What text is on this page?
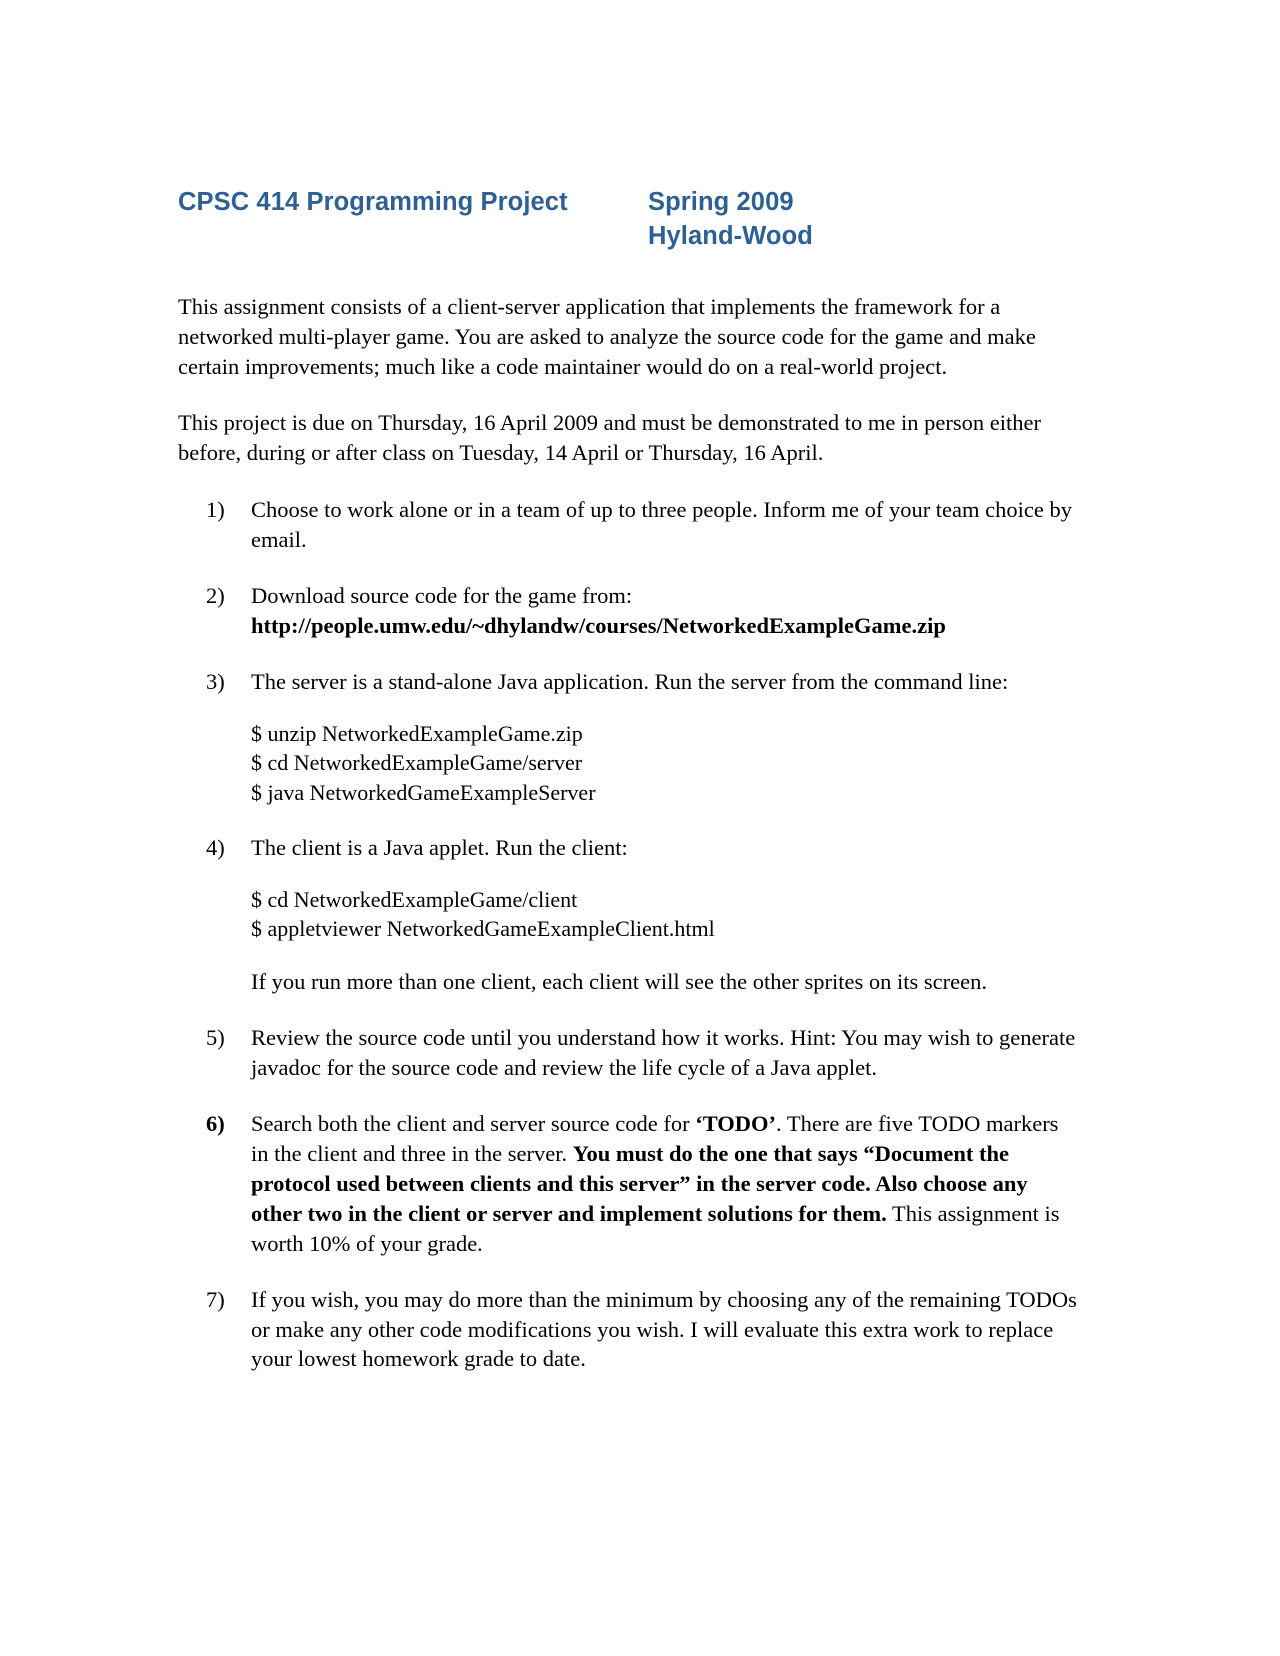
CPSC 414 Programming Project	Spring 2009
Hyland-Wood
This assignment consists of a client-server application that implements the framework for a networked multi-player game. You are asked to analyze the source code for the game and make certain improvements; much like a code maintainer would do on a real-world project.
This project is due on Thursday, 16 April 2009 and must be demonstrated to me in person either before, during or after class on Tuesday, 14 April or Thursday, 16 April.
1)	Choose to work alone or in a team of up to three people. Inform me of your team choice by email.
2)	Download source code for the game from:
http://people.umw.edu/~dhylandw/courses/NetworkedExampleGame.zip
3)	The server is a stand-alone Java application. Run the server from the command line:
$ unzip NetworkedExampleGame.zip
$ cd NetworkedExampleGame/server
$ java NetworkedGameExampleServer
4)	The client is a Java applet. Run the client:
$ cd NetworkedExampleGame/client
$ appletviewer NetworkedGameExampleClient.html
If you run more than one client, each client will see the other sprites on its screen.
5)	Review the source code until you understand how it works. Hint: You may wish to generate javadoc for the source code and review the life cycle of a Java applet.
6)	Search both the client and server source code for ‘TODO’. There are five TODO markers in the client and three in the server. You must do the one that says “Document the protocol used between clients and this server” in the server code. Also choose any other two in the client or server and implement solutions for them. This assignment is worth 10% of your grade.
7)	If you wish, you may do more than the minimum by choosing any of the remaining TODOs or make any other code modifications you wish. I will evaluate this extra work to replace your lowest homework grade to date.
